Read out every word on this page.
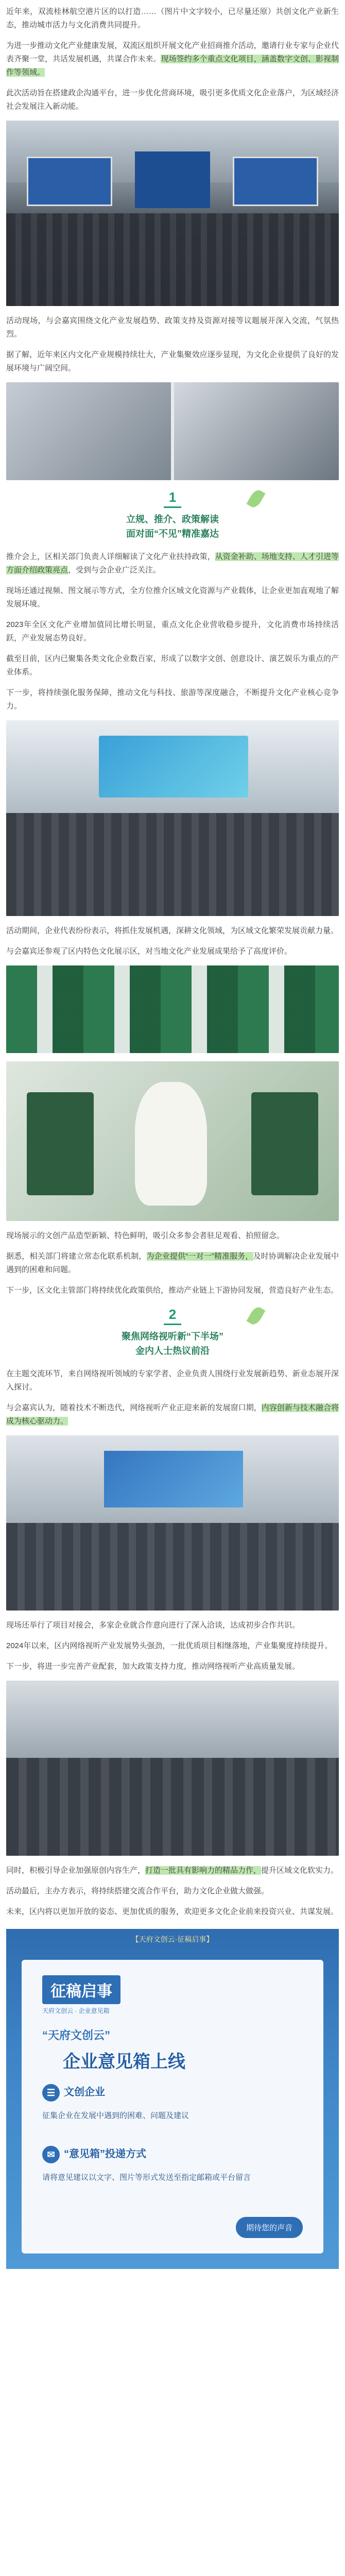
近年来，双流桂林航空港片区的以打造……（图片中文字较小，已尽量还原）共创文化产业新生态，推动城市活力与文化消费共同提升。

为进一步推动文化产业健康发展，双流区组织开展文化产业招商推介活动，邀请行业专家与企业代表齐聚一堂，共话发展机遇，共谋合作未来。现场签约多个重点文化项目，涵盖数字文创、影视制作等领域。

此次活动旨在搭建政企沟通平台，进一步优化营商环境，吸引更多优质文化企业落户，为区域经济社会发展注入新动能。

活动现场，与会嘉宾围绕文化产业发展趋势、政策支持及资源对接等议题展开深入交流，气氛热烈。

据了解，近年来区内文化产业规模持续壮大，产业集聚效应逐步显现，为文化企业提供了良好的发展环境与广阔空间。

1
立规、推介、政策解读
面对面“不见”精准嘉达

推介会上，区相关部门负责人详细解读了文化产业扶持政策，从资金补助、场地支持、人才引进等方面介绍政策亮点，受到与会企业广泛关注。

现场还通过视频、图文展示等方式，全方位推介区域文化资源与产业载体，让企业更加直观地了解发展环境。

2023年全区文化产业增加值同比增长明显，重点文化企业营收稳步提升，文化消费市场持续活跃，产业发展态势良好。

截至目前，区内已聚集各类文化企业数百家，形成了以数字文创、创意设计、演艺娱乐为重点的产业体系。

下一步，将持续强化服务保障，推动文化与科技、旅游等深度融合，不断提升文化产业核心竞争力。

活动期间，企业代表纷纷表示，将抓住发展机遇，深耕文化领域，为区域文化繁荣发展贡献力量。

与会嘉宾还参观了区内特色文化展示区，对当地文化产业发展成果给予了高度评价。

现场展示的文创产品造型新颖、特色鲜明，吸引众多参会者驻足观看、拍照留念。

据悉，相关部门将建立常态化联系机制，为企业提供“一对一”精准服务，及时协调解决企业发展中遇到的困难和问题。

下一步，区文化主管部门将持续优化政策供给，推动产业链上下游协同发展，营造良好产业生态。

2
聚焦网络视听新“下半场”
金内人士热议前沿

在主题交流环节，来自网络视听领域的专家学者、企业负责人围绕行业发展新趋势、新业态展开深入探讨。

与会嘉宾认为，随着技术不断迭代，网络视听产业正迎来新的发展窗口期，内容创新与技术融合将成为核心驱动力。

现场还举行了项目对接会，多家企业就合作意向进行了深入洽谈，达成初步合作共识。

2024年以来，区内网络视听产业发展势头强劲，一批优质项目相继落地，产业集聚度持续提升。

下一步，将进一步完善产业配套，加大政策支持力度，推动网络视听产业高质量发展。

同时，积极引导企业加强原创内容生产，打造一批具有影响力的精品力作，提升区域文化软实力。

活动最后，主办方表示，将持续搭建交流合作平台，助力文化企业做大做强。

未来，区内将以更加开放的姿态、更加优质的服务，欢迎更多文化企业前来投资兴业、共谋发展。

【天府文创云·征稿启事】
征稿启事
天府文创云 · 企业意见箱
“天府文创云”
企业意见箱上线
☰ 文创企业
征集企业在发展中遇到的困难、问题及建议
✉ “意见箱”投递方式
请将意见建议以文字、图片等形式发送至指定邮箱或平台留言
期待您的声音
